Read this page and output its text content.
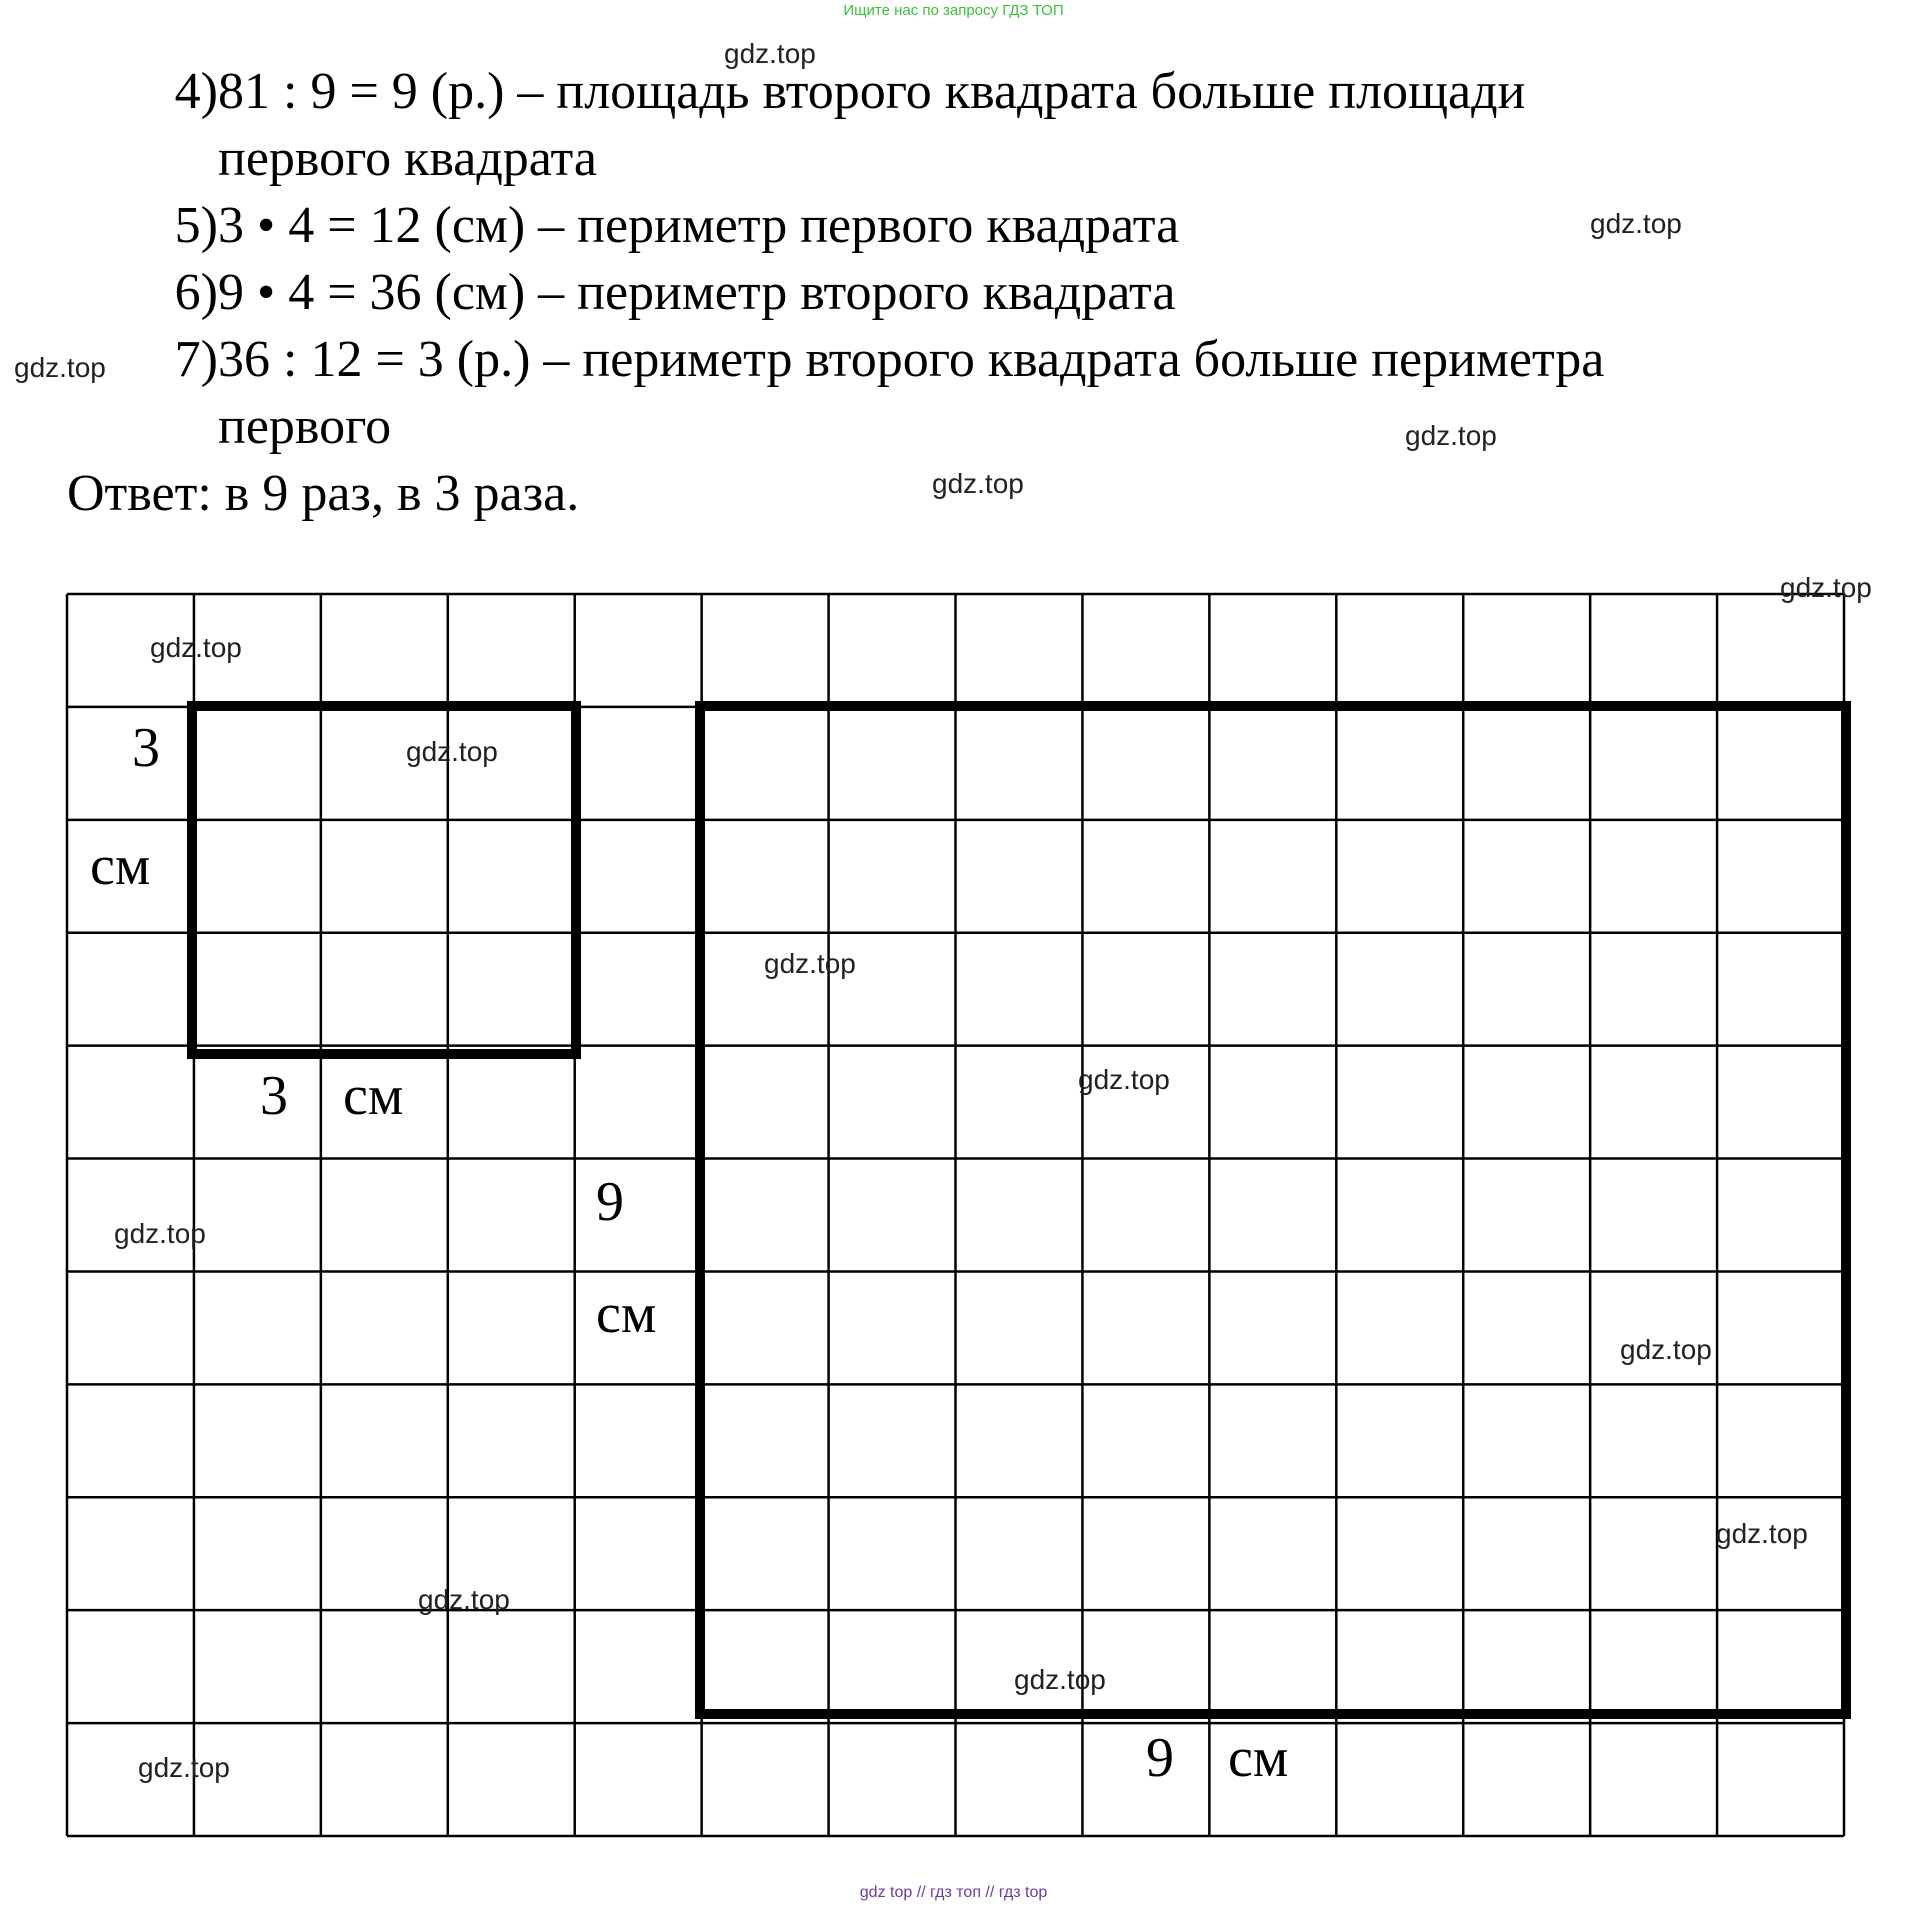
Ищите нас по запросу ГДЗ ТОП
4) 81 : 9 = 9 (р.) – площадь второго квадрата больше площади
первого квадрата
5) 3 • 4 = 12 (см) – периметр первого квадрата
6) 9 • 4 = 36 (см) – периметр второго квадрата
7) 36 : 12 = 3 (р.) – периметр второго квадрата больше периметра
первого
Ответ: в 9 раз, в 3 раза.
3
см
3 см
9
см
9 см
gdz.top
gdz.top
gdz.top
gdz.top
gdz.top
gdz.top
gdz.top
gdz.top
gdz.top
gdz.top
gdz.top
gdz.top
gdz.top
gdz.top
gdz.top
gdz.top
gdz top // гдз топ // гдз top
